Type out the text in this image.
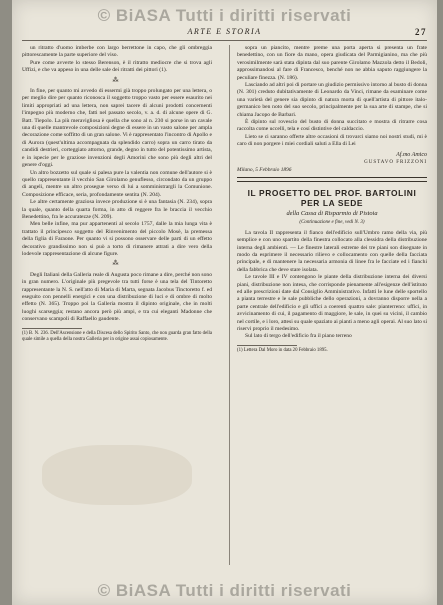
© BiASA Tutti i diritti riservati
ARTE E STORIA	27

un ritratto d'uomo imberbe con largo berrettone in capo, che gli ombreggia pittorescamente la parte superiore del viso.

Pure come avverte lo stesso Berenson, è il ritratto mediocre che si trova agli Uffizi, e che va appeso in una delle sale dei ritratti dei pittori (1).

⁂

In fine, per quanto mi avvedo di essermi già troppo prolungato per una lettera, o per meglio dire per quanto riconosca il soggetto troppo vasto per essere esaurito nei limiti appropriati ad una lettera, non saprei tacere di alcuni prodotti concernenti l'impegno più moderno che, fatti nel passato secolo, v. a. d. di alcune opere di G. Batt. Tiepolo. La più meravigliosa è quella che sono al n. 230 si porse in un cavale una di quelle mantrevole composizioni degne di essere in un vasto salone per ampla decorazione come soffitto di un gran salone. Vi è rappresentato l'incontro di Apollo e di Aurora (quest'ultima accompagnata da splendido carro) sopra un carro tirato da candidi destrieri, corteggiato attorno, grande, degno in tutto del potentissimo artista, e in ispecie per le graziose invenzioni degli Amorini che sono più degli altri del genere d'oggi.

Un altro bozzetto sul quale si palesa pure la valentia non comune dell'autore si è quello rappresentante il vecchio San Girolamo genuflesso, circondato da un gruppo di angeli, mentre un altro prosegue verso di lui a somministrargli la Comunione. Composizione efficace, seria, profondamente sentita (N. 204).

Le altre certamente graziosa invece produzione si è una fantasia (N. 234), sopra la quale, quanto della quarta forma, in atto di reggere fra le braccia il vecchio Benedettino, fra le accuratezze (N. 209).

Men belle infine, ma pur appartenenti al secolo 1757, dalle la mia lunga vita è trattato il principesco soggetto del Rinvenimento del piccolo Mosè, la premessa della figlia di Faraone. Per quanto vi si possono osservare delle parti di un effetto decorativo grandissimo non si può a torto di rimanere attrati a dire vero della lodevole rappresentazione di alcune figure.

⁂

Degli Italiani della Galleria reale di Augusta poco rimane a dire, perché non sono in gran numero. L'originale più pregevole tra tutti forse è una tela del Tintoretto rappresentante la N. S. nell'atto di Maria di Marta, segnata Jacobus Tinctoretto f. ed eseguito con pennelli energici e con una distribuzione di luci e di ombre di molto effetto (N. 365). Troppo poi la Galleria mostra il dipinto originale, che in molti luoghi scarseggia; restano ancora però più ampi, e tra cui eleganti Madonne che conservano scampoli di Raffaello gaudente.

(1) B. N. 236. Dell'Ascensione e della Discesa dello Spirito Santo, che non guarda gran fatto della quale simile a quella della nostra Galleria per in origine assai copiosamente.

sopra un piancito, mentre preme una porta aperta si presenta un frate benedettino, con un fiore da mano, opera giudicata del Parmigianino, ma che più verosimilmente sarà stata dipinta dal suo parente Girolamo Mazzola detto il Bedoli, approssimandosi al fare di Francesco, benché non ne abbia saputo raggiungere la peculiare finezza. (N. 186).

Lasciando ad altri poi di portare un giudizio permissivo intorno al busto di donna (N. 301) creduto dubitativamente di Leonardo da Vinci, rimane da esaminare come una varietà del genere sia dipinto di natura morta di quell'artista di pittore italo-germanico ben noto del suo secolo, principalmente per la sua arte di stampe, che si chiama Jacopo de Barbari.

È dipinto sul rovescio del busto di donna succitato e mostra di ritrarre cosa raccolta come uccelli, tela e cosí distintive del caldaccio.

Lieto se ci saranno offerte altre occasioni di trovarci siamo noi nostri studi, mi è caro di non porgere i miei cordiali saluti a Ella di Lei

Af.mo Amico
GUSTAVO FRIZZONI
Milano, 5 Febbraio 1896
IL PROGETTO DEL PROF. BARTOLINI PER LA SEDE
della Cassa di Risparmio di Pistoia
(Continuazione e fine, vedi N. 3)

La tavola II rappresenta il fianco dell'edificio sull'Umbro ramo della via, più semplice e con uno spartito della finestra collocato alla clessidra della distribuzione interna degli ambienti. — Le finestre laterali estreme dei tre piani son disegnate in modo da esprimere il necessario rilievo e collocamento con quelle della facciata principale, e di mantenere la necessaria armonia di linee fra le facciate ed i fianchi della fabbrica che deve stare isolata.

Le tavole III e IV contengono le piante della distribuzione interna dei diversi piani, distribuzione non intesa, che corrisponde pienamente all'esigenze dell'istituto ed alle prescrizioni date dal Consiglio Amministrativo. Infatti le lune delle sportello a pianta terrestre e le sale pubbliche dello operazioni, a dovranno disporre nella a parte centrale dell'edificio e gli uffici a coerenti quattro sale: pianterreno: uffici, in avvicinamento di cui, il pagamento di maggiore, le sale, in quei su vicini, il cambio nel cortile, e i loro, attesi su quale spaziato ai pianti a meno agli operai. Al suo lato si riservi proprio il medesimo.

Sul lato di tergo dell'edificio fra il piano terreno

(1) Lettera Dal Moro in data 20 Febbraio 1895.

© BiASA Tutti i diritti riservati
